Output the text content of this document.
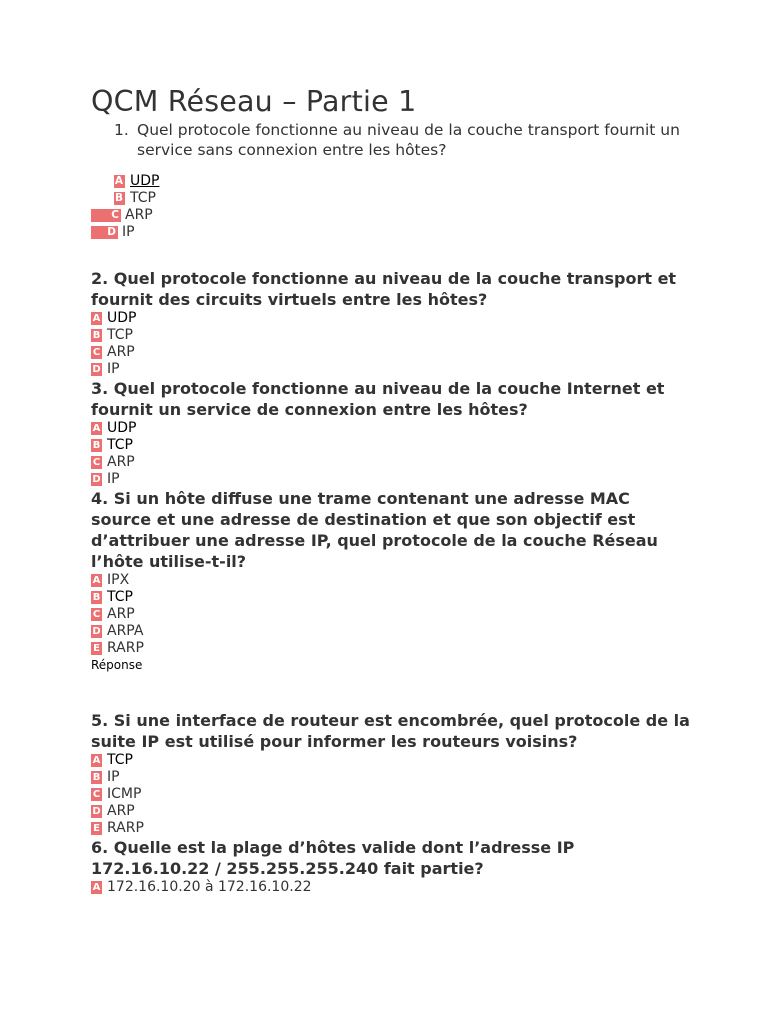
QCM Réseau – Partie 1
1. Quel protocole fonctionne au niveau de la couche transport fournit un service sans connexion entre les hôtes?
A UDP
B TCP
C ARP
D IP

2. Quel protocole fonctionne au niveau de la couche transport et fournit des circuits virtuels entre les hôtes?

A UDP
B TCP
C ARP
D IP

3. Quel protocole fonctionne au niveau de la couche Internet et fournit un service de connexion entre les hôtes?

A UDP
B TCP
C ARP
D IP

4. Si un hôte diffuse une trame contenant une adresse MAC source et une adresse de destination et que son objectif est d’attribuer une adresse IP, quel protocole de la couche Réseau l’hôte utilise-t-il?

A IPX
B TCP
C ARP
D ARPA
E RARP
Réponse

5. Si une interface de routeur est encombrée, quel protocole de la suite IP est utilisé pour informer les routeurs voisins?

A TCP
B IP
C ICMP
D ARP
E RARP

6. Quelle est la plage d’hôtes valide dont l’adresse IP 172.16.10.22 / 255.255.255.240 fait partie?

A 172.16.10.20 à 172.16.10.22
